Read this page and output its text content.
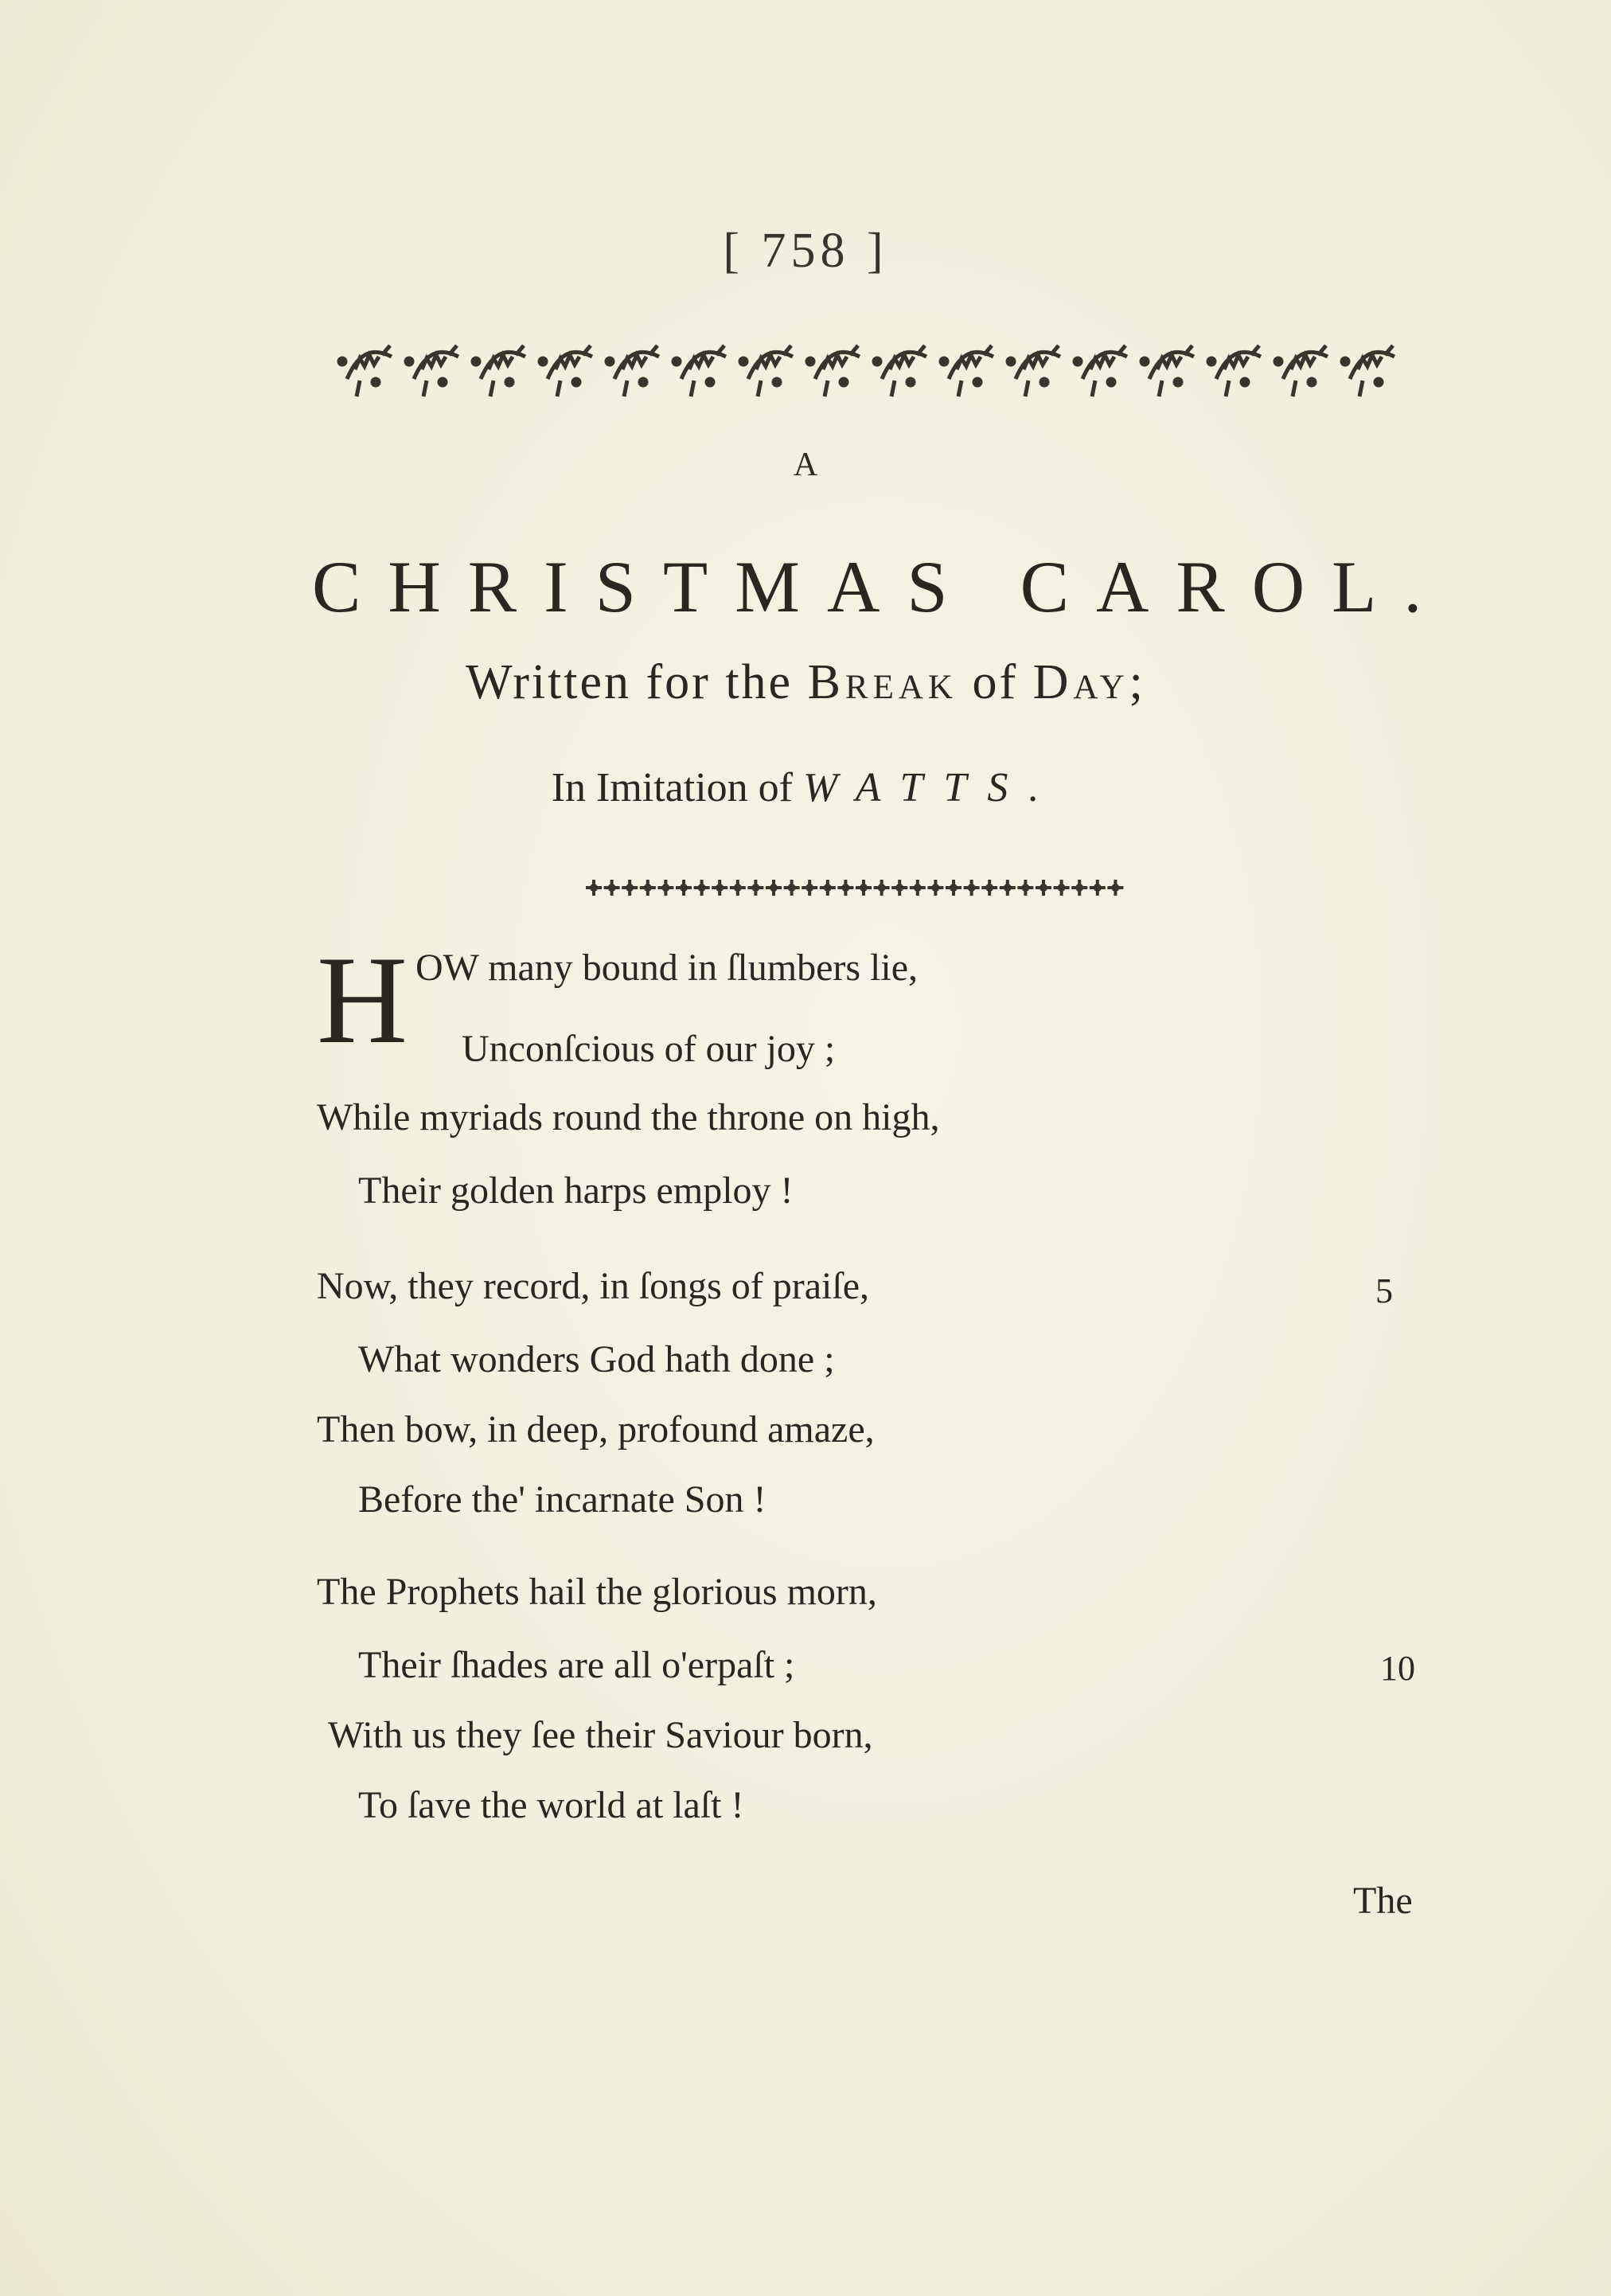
[ 758 ]
A
CHRISTMAS CAROL.
Written for the Break of Day;
In Imitation of WATTS.
H OW many bound in ſlumbers lie,
Unconſcious of our joy ;
While myriads round the throne on high,
Their golden harps employ !
Now, they record, in ſongs of praiſe,	5
What wonders God hath done ;
Then bow, in deep, profound amaze,
Before the' incarnate Son !
The Prophets hail the glorious morn,
Their ſhades are all o'erpaſt ;	10
With us they ſee their Saviour born,
To ſave the world at laſt !
The
